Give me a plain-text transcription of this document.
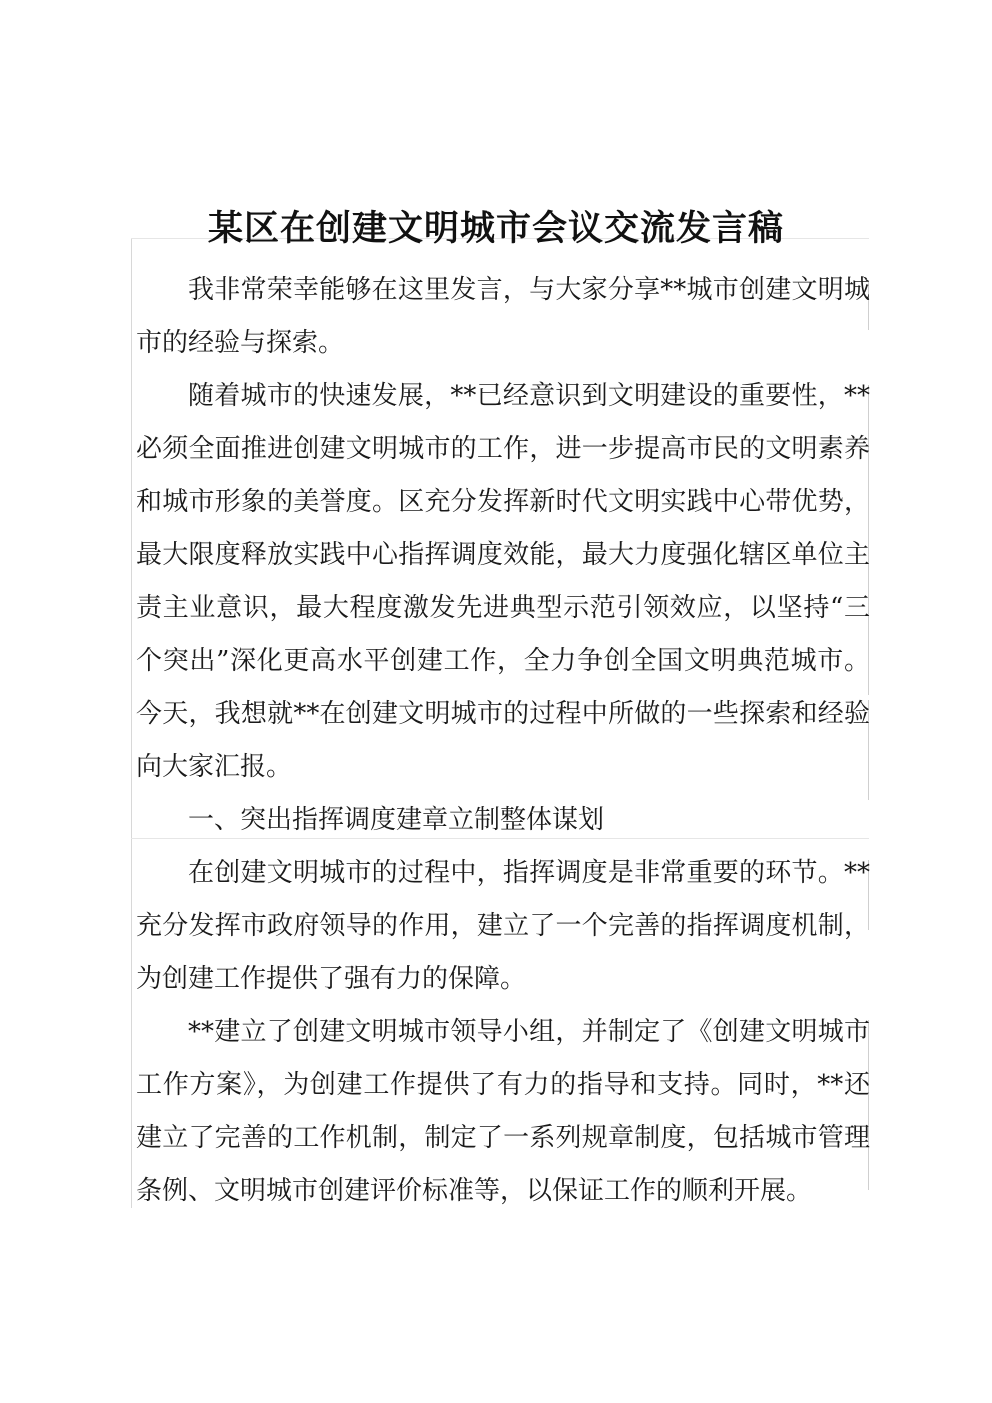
某区在创建文明城市会议交流发言稿

我非常荣幸能够在这里发言，与大家分享**城市创建文明城市的经验与探索。

随着城市的快速发展，**已经意识到文明建设的重要性，**必须全面推进创建文明城市的工作，进一步提高市民的文明素养和城市形象的美誉度。区充分发挥新时代文明实践中心带优势，最大限度释放实践中心指挥调度效能，最大力度强化辖区单位主责主业意识，最大程度激发先进典型示范引领效应，以坚持“三个突出”深化更高水平创建工作，全力争创全国文明典范城市。今天，我想就**在创建文明城市的过程中所做的一些探索和经验向大家汇报。

一、突出指挥调度建章立制整体谋划

在创建文明城市的过程中，指挥调度是非常重要的环节。**充分发挥市政府领导的作用，建立了一个完善的指挥调度机制，为创建工作提供了强有力的保障。

**建立了创建文明城市领导小组，并制定了《创建文明城市工作方案》，为创建工作提供了有力的指导和支持。同时，**还建立了完善的工作机制，制定了一系列规章制度，包括城市管理条例、文明城市创建评价标准等，以保证工作的顺利开展。
